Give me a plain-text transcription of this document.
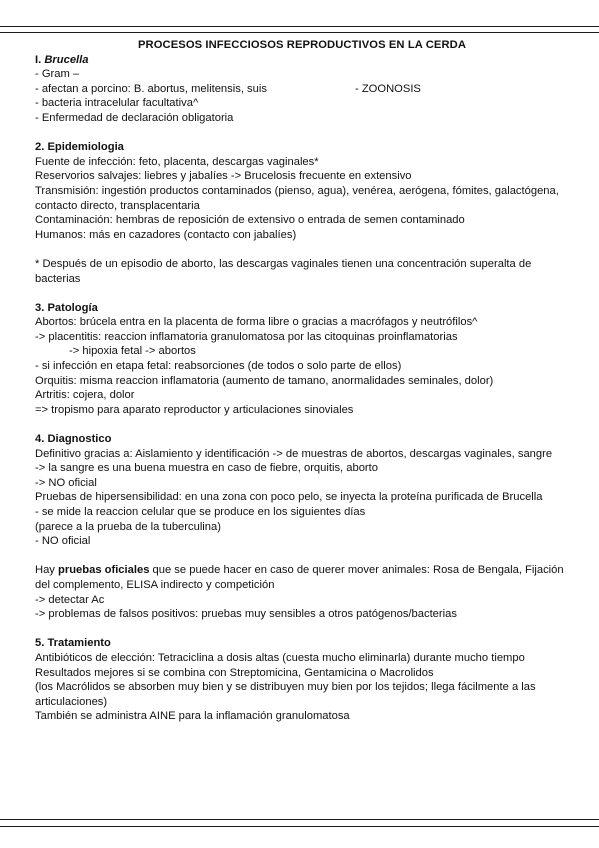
PROCESOS INFECCIOSOS REPRODUCTIVOS EN LA CERDA
I. Brucella
- Gram –
- afectan a porcino: B. abortus, melitensis, suis	- ZOONOSIS
- bacteria intracelular facultativa^
- Enfermedad de declaración obligatoria
2. Epidemiologia
Fuente de infección: feto, placenta, descargas vaginales*
Reservorios salvajes: liebres y jabalíes -> Brucelosis frecuente en extensivo
Transmisión: ingestión productos contaminados (pienso, agua), venérea, aerógena, fómites, galactógena, contacto directo, transplacentaria
Contaminación: hembras de reposición de extensivo o entrada de semen contaminado
Humanos: más en cazadores (contacto con jabalíes)
* Después de un episodio de aborto, las descargas vaginales tienen una concentración superalta de bacterias
3. Patología
Abortos: brúcela entra en la placenta de forma libre o gracias a macrófagos y neutrófilos^
-> placentitis: reaccion inflamatoria granulomatosa por las citoquinas proinflamatorias
-> hipoxia fetal -> abortos
- si infección en etapa fetal: reabsorciones (de todos o solo parte de ellos)
Orquitis: misma reaccion inflamatoria (aumento de tamano, anormalidades seminales, dolor)
Artritis: cojera, dolor
=> tropismo para aparato reproductor y articulaciones sinoviales
4. Diagnostico
Definitivo gracias a: Aislamiento y identificación -> de muestras de abortos, descargas vaginales, sangre
-> la sangre es una buena muestra en caso de fiebre, orquitis, aborto
-> NO oficial
Pruebas de hipersensibilidad: en una zona con poco pelo, se inyecta la proteína purificada de Brucella
- se mide la reaccion celular que se produce en los siguientes días
(parece a la prueba de la tuberculina)
- NO oficial
Hay pruebas oficiales que se puede hacer en caso de querer mover animales: Rosa de Bengala, Fijación del complemento, ELISA indirecto y competición
-> detectar Ac
-> problemas de falsos positivos: pruebas muy sensibles a otros patógenos/bacterias
5. Tratamiento
Antibióticos de elección: Tetraciclina a dosis altas (cuesta mucho eliminarla) durante mucho tiempo
Resultados mejores si se combina con Streptomicina, Gentamicina o Macrolidos
(los Macrólidos se absorben muy bien y se distribuyen muy bien por los tejidos; llega fácilmente a las articulaciones)
También se administra AINE para la inflamación granulomatosa
